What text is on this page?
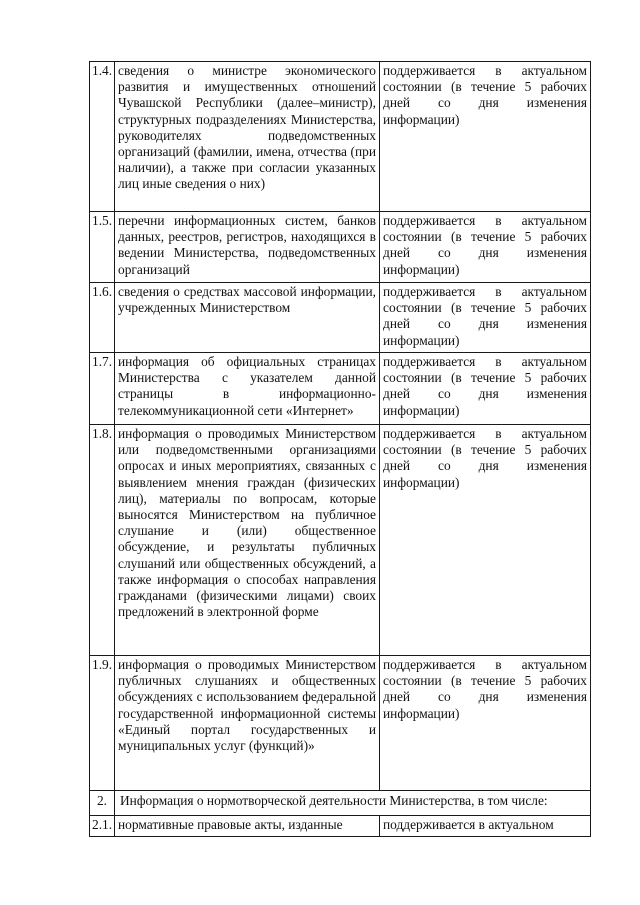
1.4.	сведения о министре экономического развития и имущественных отношений Чувашской Республики (далее–министр), структурных подразделениях Министерства, руководителях подведомственных организаций (фамилии, имена, отчества (при наличии), а также при согласии указанных лиц иные сведения о них)	поддерживается в актуальном состоянии (в течение 5 рабочих дней со дня изменения информации)
1.5.	перечни информационных систем, банков данных, реестров, регистров, находящихся в ведении Министерства, подведомственных организаций	поддерживается в актуальном состоянии (в течение 5 рабочих дней со дня изменения информации)
1.6.	сведения о средствах массовой информации, учрежденных Министерством	поддерживается в актуальном состоянии (в течение 5 рабочих дней со дня изменения информации)
1.7.	информация об официальных страницах Министерства с указателем данной страницы в информационно-телекоммуникационной сети «Интернет»	поддерживается в актуальном состоянии (в течение 5 рабочих дней со дня изменения информации)
1.8.	информация о проводимых Министерством или подведомственными организациями опросах и иных мероприятиях, связанных с выявлением мнения граждан (физических лиц), материалы по вопросам, которые выносятся Министерством на публичное слушание и (или) общественное обсуждение, и результаты публичных слушаний или общественных обсуждений, а также информация о способах направления гражданами (физическими лицами) своих предложений в электронной форме	поддерживается в актуальном состоянии (в течение 5 рабочих дней со дня изменения информации)
1.9.	информация о проводимых Министерством публичных слушаниях и общественных обсуждениях с использованием федеральной государственной информационной системы «Единый портал государственных и муниципальных услуг (функций)»	поддерживается в актуальном состоянии (в течение 5 рабочих дней со дня изменения информации)
2.	Информация о нормотворческой деятельности Министерства, в том числе:	
2.1.	нормативные правовые акты, изданные	поддерживается в актуальном
